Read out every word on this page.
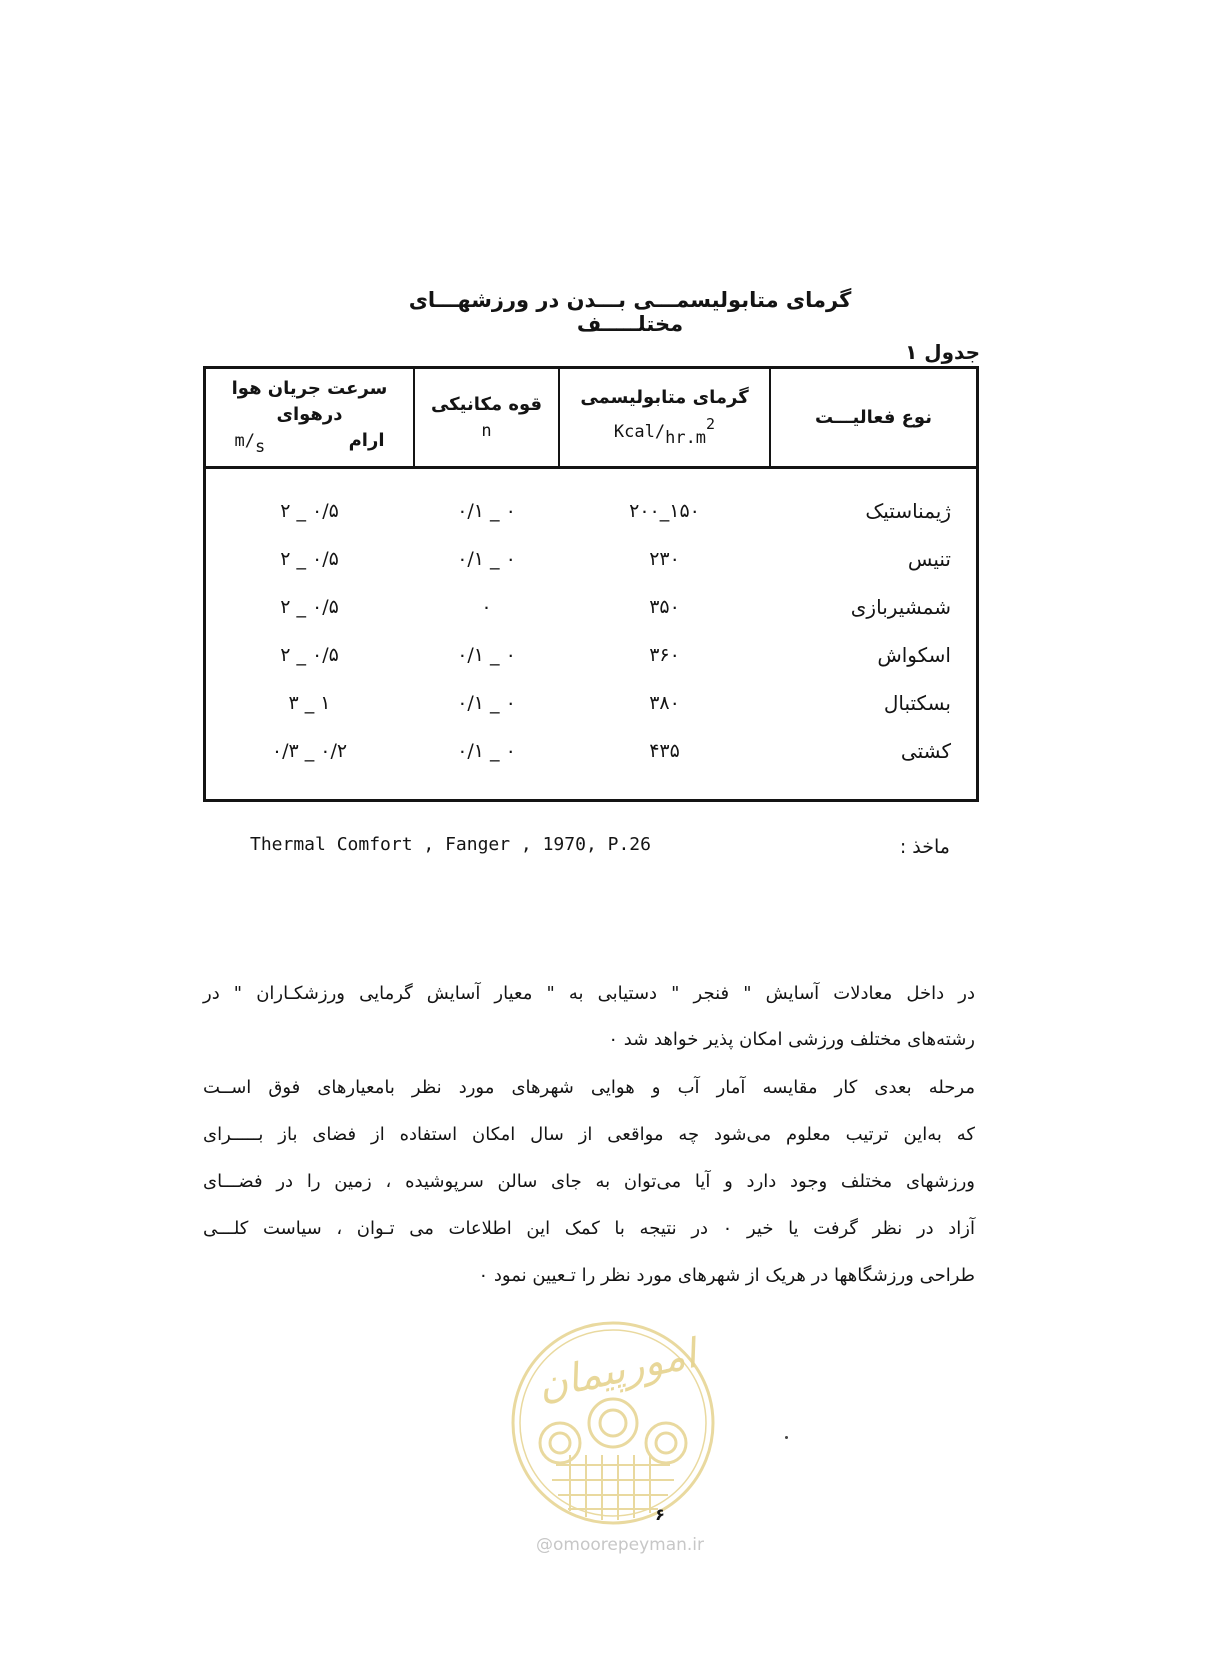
گرمای متابولیسمـــی بـــدن در ورزشهـــای مختلـــــف
جدول ۱
نوع فعالیـــت
گرمای متابولیسمی
Kcal/hr.m2
قوه مکانیکی
n
سرعت جریان هوا درهوای
m/s	ارام
ژیمناستیک
۱۵۰_۲۰۰
۰ _ ۰/۱
۰/۵ _ ۲
تنیس
۲۳۰
۰ _ ۰/۱
۰/۵ _ ۲
شمشیربازی
۳۵۰
۰
۰/۵ _ ۲
اسکواش
۳۶۰
۰ _ ۰/۱
۰/۵ _ ۲
بسکتبال
۳۸۰
۰ _ ۰/۱
۱ _ ۳
کشتی
۴۳۵
۰ _ ۰/۱
۰/۲ _ ۰/۳
ماخذ :
Thermal Comfort , Fanger , 1970, P.26
در داخل معادلات آسایش " فنجر " دستیابی به " معیار آسایش گرمایی ورزشکـاران " در
رشته‌های مختلف ورزشی امکان پذیر خواهد شد ۰
مرحله بعدی کار مقایسه آمار آب و هوایی شهرهای مورد نظر بامعیارهای فوق اســت
که به‌این ترتیب معلوم می‌شود چه مواقعی از سال امکان استفاده از فضای باز بـــــرای
ورزشهای مختلف وجود دارد و آیا می‌توان به جای سالن سرپوشیده ، زمین را در فضـــای
آزاد در نظر گرفت یا خیر ۰ در نتیجه با کمک این اطلاعات می تـوان ، سیاست کلـــی
طراحی ورزشگاهها در هریک از شهرهای مورد نظر را تـعیین نمود ۰
امورپیمان
۶
@omoorepeyman.ir
